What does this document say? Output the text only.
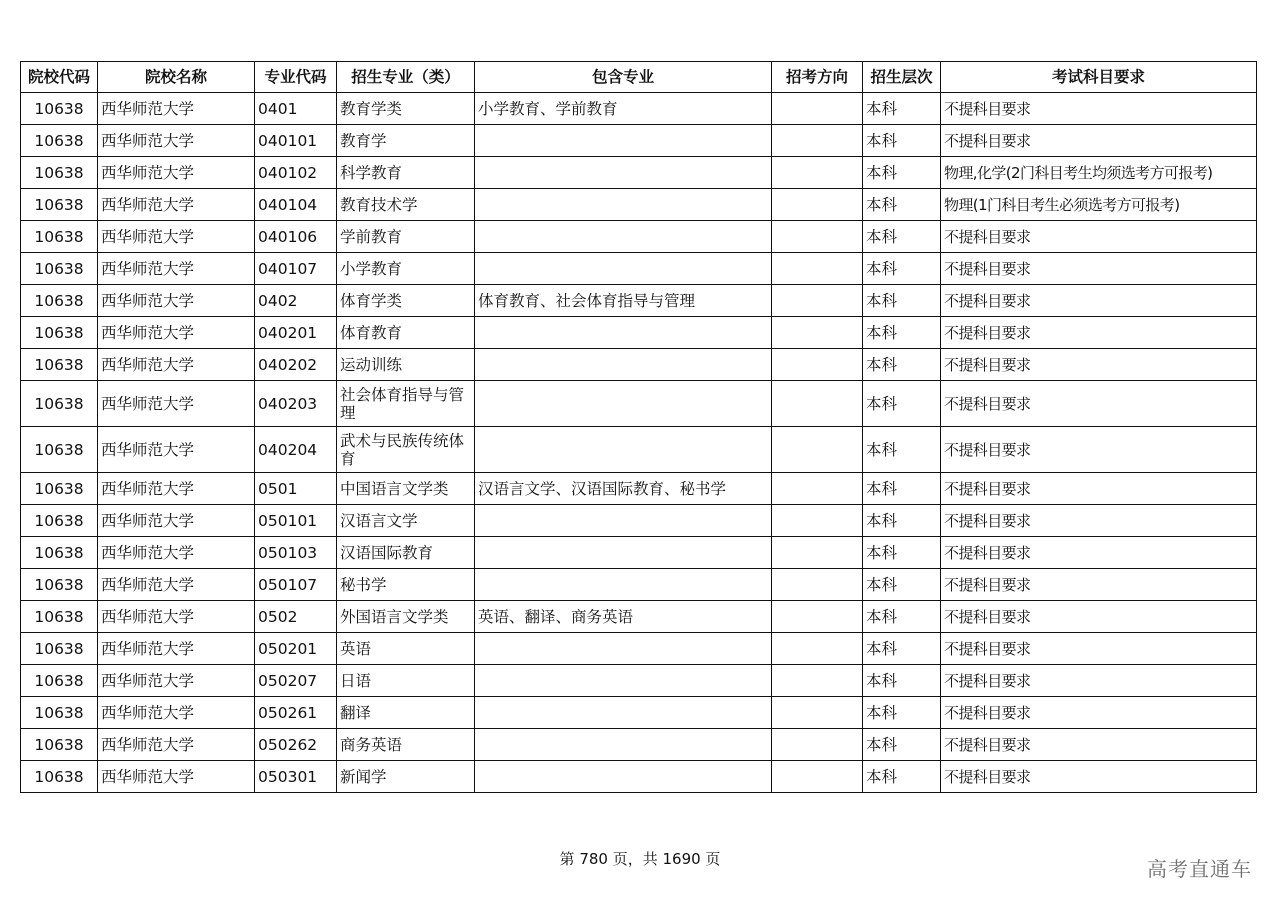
院校代码	院校名称	专业代码	招生专业（类）	包含专业	招考方向	招生层次	考试科目要求
10638	西华师范大学	0401	教育学类	小学教育、学前教育		本科	不提科目要求
10638	西华师范大学	040101	教育学			本科	不提科目要求
10638	西华师范大学	040102	科学教育			本科	物理,化学(2门科目考生均须选考方可报考)
10638	西华师范大学	040104	教育技术学			本科	物理(1门科目考生必须选考方可报考)
10638	西华师范大学	040106	学前教育			本科	不提科目要求
10638	西华师范大学	040107	小学教育			本科	不提科目要求
10638	西华师范大学	0402	体育学类	体育教育、社会体育指导与管理		本科	不提科目要求
10638	西华师范大学	040201	体育教育			本科	不提科目要求
10638	西华师范大学	040202	运动训练			本科	不提科目要求
10638	西华师范大学	040203	社会体育指导与管理			本科	不提科目要求
10638	西华师范大学	040204	武术与民族传统体育			本科	不提科目要求
10638	西华师范大学	0501	中国语言文学类	汉语言文学、汉语国际教育、秘书学		本科	不提科目要求
10638	西华师范大学	050101	汉语言文学			本科	不提科目要求
10638	西华师范大学	050103	汉语国际教育			本科	不提科目要求
10638	西华师范大学	050107	秘书学			本科	不提科目要求
10638	西华师范大学	0502	外国语言文学类	英语、翻译、商务英语		本科	不提科目要求
10638	西华师范大学	050201	英语			本科	不提科目要求
10638	西华师范大学	050207	日语			本科	不提科目要求
10638	西华师范大学	050261	翻译			本科	不提科目要求
10638	西华师范大学	050262	商务英语			本科	不提科目要求
10638	西华师范大学	050301	新闻学			本科	不提科目要求
第 780 页，共 1690 页	高考直通车
